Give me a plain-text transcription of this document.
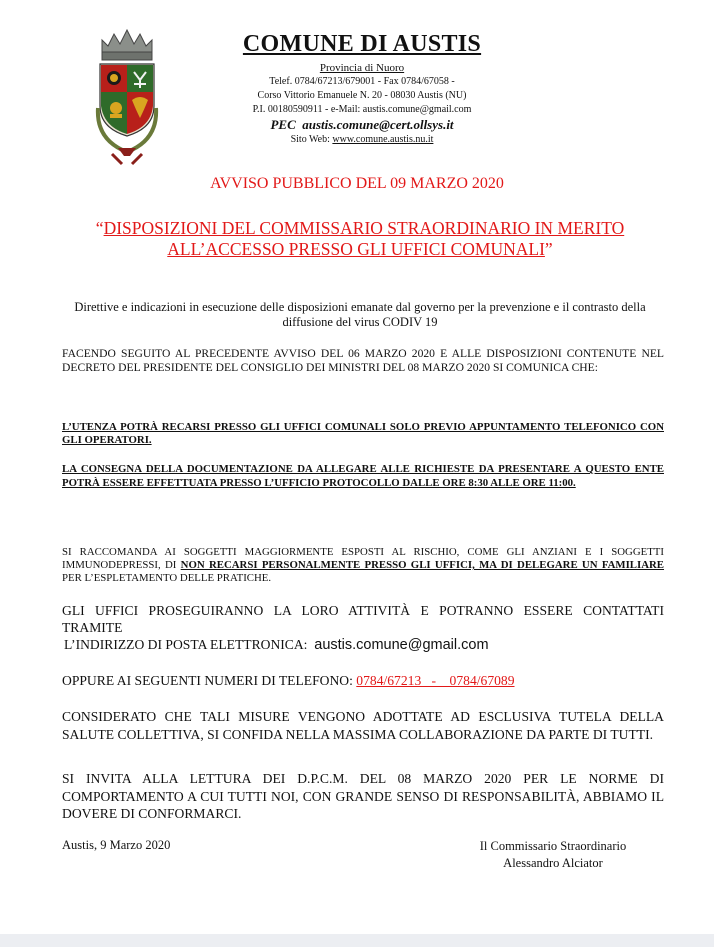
COMUNE DI AUSTIS
Provincia di Nuoro
Telef. 0784/67213/679001 - Fax 0784/67058 -
Corso Vittorio Emanuele N. 20 - 08030 Austis (NU)
P.I. 00180590911 - e-Mail: austis.comune@gmail.com
PEC austis.comune@cert.ollsys.it
Sito Web: www.comune.austis.nu.it
AVVISO PUBBLICO DEL 09 MARZO 2020
“DISPOSIZIONI DEL COMMISSARIO STRAORDINARIO IN MERITO
ALL’ACCESSO PRESSO GLI UFFICI COMUNALI”
Direttive e indicazioni in esecuzione delle disposizioni emanate dal governo per la prevenzione e il contrasto della diffusione del virus CODIV 19
FACENDO SEGUITO AL PRECEDENTE AVVISO DEL 06 MARZO 2020 E ALLE DISPOSIZIONI CONTENUTE NEL DECRETO DEL PRESIDENTE DEL CONSIGLIO DEI MINISTRI DEL 08 MARZO 2020 SI COMUNICA CHE:
L’UTENZA POTRÀ RECARSI PRESSO GLI UFFICI COMUNALI SOLO PREVIO APPUNTAMENTO TELEFONICO CON GLI OPERATORI.
LA CONSEGNA DELLA DOCUMENTAZIONE DA ALLEGARE ALLE RICHIESTE DA PRESENTARE A QUESTO ENTE POTRÀ ESSERE EFFETTUATA PRESSO L’UFFICIO PROTOCOLLO DALLE ORE 8:30 ALLE ORE 11:00.
SI RACCOMANDA AI SOGGETTI MAGGIORMENTE ESPOSTI AL RISCHIO, COME GLI ANZIANI E I SOGGETTI IMMUNODEPRESSI, DI NON RECARSI PERSONALMENTE PRESSO GLI UFFICI, MA DI DELEGARE UN FAMILIARE PER L’ESPLETAMENTO DELLE PRATICHE.
GLI UFFICI PROSEGUIRANNO LA LORO ATTIVITÀ E POTRANNO ESSERE CONTATTATI TRAMITE
L’INDIRIZZO DI POSTA ELETTRONICA: austis.comune@gmail.com
OPPURE AI SEGUENTI NUMERI DI TELEFONO: 0784/67213   -    0784/67089
CONSIDERATO CHE TALI MISURE VENGONO ADOTTATE AD ESCLUSIVA TUTELA DELLA SALUTE COLLETTIVA, SI CONFIDA NELLA MASSIMA COLLABORAZIONE DA PARTE DI TUTTI.
SI INVITA ALLA LETTURA DEI D.P.C.M. DEL 08 MARZO 2020 PER LE NORME DI COMPORTAMENTO A CUI TUTTI NOI, CON GRANDE SENSO DI RESPONSABILITÀ, ABBIAMO IL DOVERE DI CONFORMARCI.
Austis, 9 Marzo 2020	Il Commissario Straordinario
Alessandro Alciator
